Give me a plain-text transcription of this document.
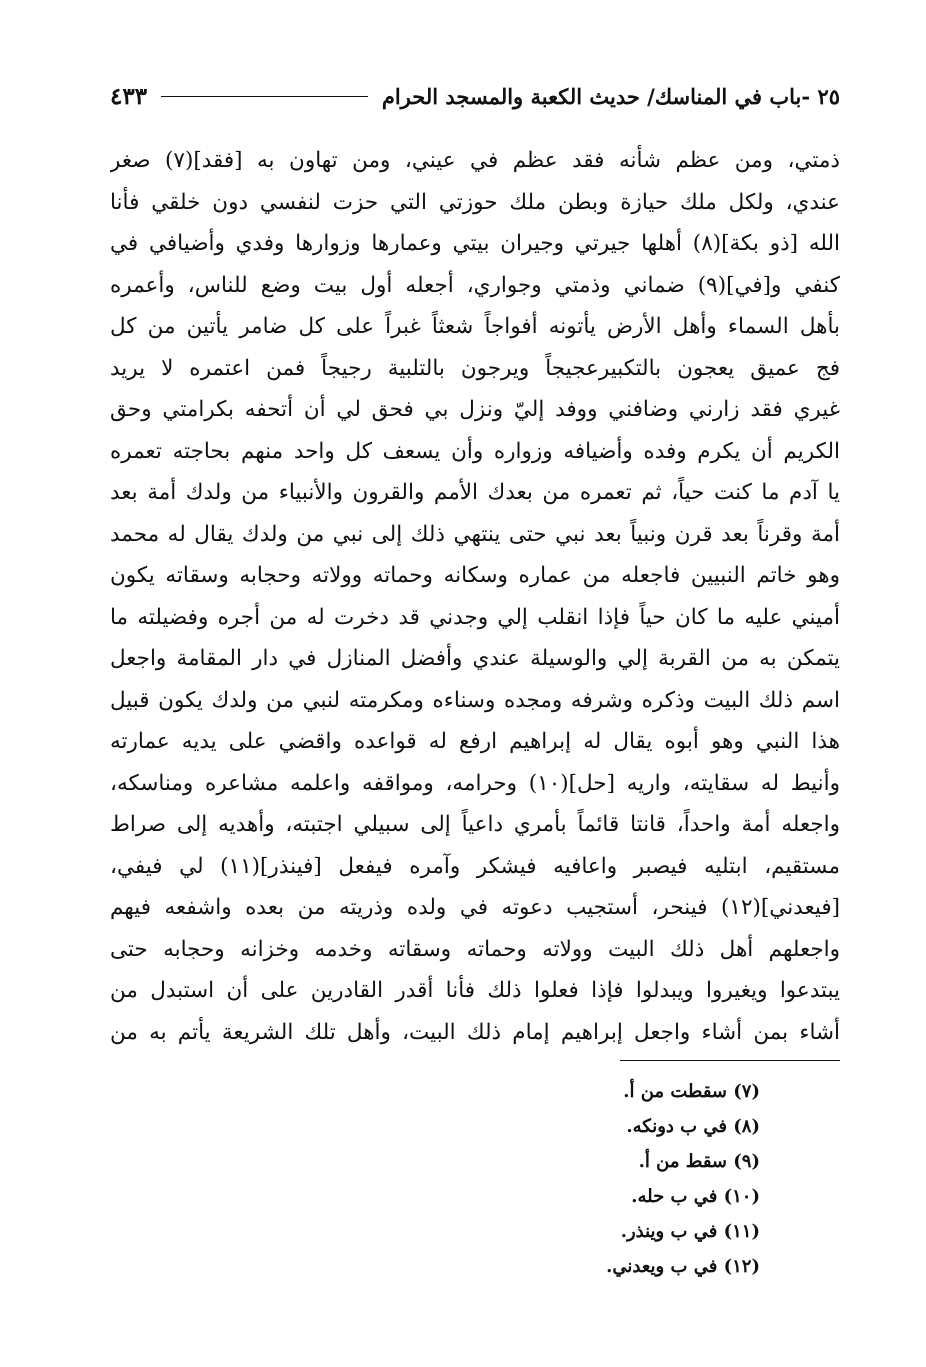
٢٥ -باب في المناسك/ حديث الكعبة والمسجد الحرام
٤٣٣
ذمتي، ومن عظم شأنه فقد عظم في عيني، ومن تهاون به [فقد](٧) صغر
عندي، ولكل ملك حيازة وبطن ملك حوزتي التي حزت لنفسي دون خلقي فأنا
الله [ذو بكة](٨) أهلها جيرتي وجيران بيتي وعمارها وزوارها وفدي وأضيافي في
كنفي و[في](٩) ضماني وذمتي وجواري، أجعله أول بيت وضع للناس، وأعمره
بأهل السماء وأهل الأرض يأتونه أفواجاً شعثاً غبراً على كل ضامر يأتين من كل
فج عميق يعجون بالتكبيرعجيجاً ويرجون بالتلبية رجيجاً فمن اعتمره لا يريد
غيري فقد زارني وضافني ووفد إليّ ونزل بي فحق لي أن أتحفه بكرامتي وحق
الكريم أن يكرم وفده وأضيافه وزواره وأن يسعف كل واحد منهم بحاجته تعمره
يا آدم ما كنت حياً، ثم تعمره من بعدك الأمم والقرون والأنبياء من ولدك أمة بعد
أمة وقرناً بعد قرن ونبياً بعد نبي حتى ينتهي ذلك إلى نبي من ولدك يقال له محمد
وهو خاتم النبيين فاجعله من عماره وسكانه وحماته وولاته وحجابه وسقاته يكون
أميني عليه ما كان حياً فإذا انقلب إلي وجدني قد دخرت له من أجره وفضيلته ما
يتمكن به من القربة إلي والوسيلة عندي وأفضل المنازل في دار المقامة واجعل
اسم ذلك البيت وذكره وشرفه ومجده وسناءه ومكرمته لنبي من ولدك يكون قبيل
هذا النبي وهو أبوه يقال له إبراهيم ارفع له قواعده واقضي على يديه عمارته
وأنيط له سقايته، واريه [حل](١٠) وحرامه، ومواقفه واعلمه مشاعره ومناسكه،
واجعله أمة واحداً، قانتا قائماً بأمري داعياً إلى سبيلي اجتبته، وأهديه إلى صراط
مستقيم، ابتليه فيصبر واعافيه فيشكر وآمره فيفعل [فينذر](١١) لي فيفي،
[فيعدني](١٢) فينحر، أستجيب دعوته في ولده وذريته من بعده واشفعه فيهم
واجعلهم أهل ذلك البيت وولاته وحماته وسقاته وخدمه وخزانه وحجابه حتى
يبتدعوا ويغيروا ويبدلوا فإذا فعلوا ذلك فأنا أقدر القادرين على أن استبدل من
أشاء بمن أشاء واجعل إبراهيم إمام ذلك البيت، وأهل تلك الشريعة يأتم به من
(٧) سقطت من أ.
(٨) في ب دونكه.
(٩) سقط من أ.
(١٠) في ب حله.
(١١) في ب وينذر.
(١٢) في ب ويعدني.
